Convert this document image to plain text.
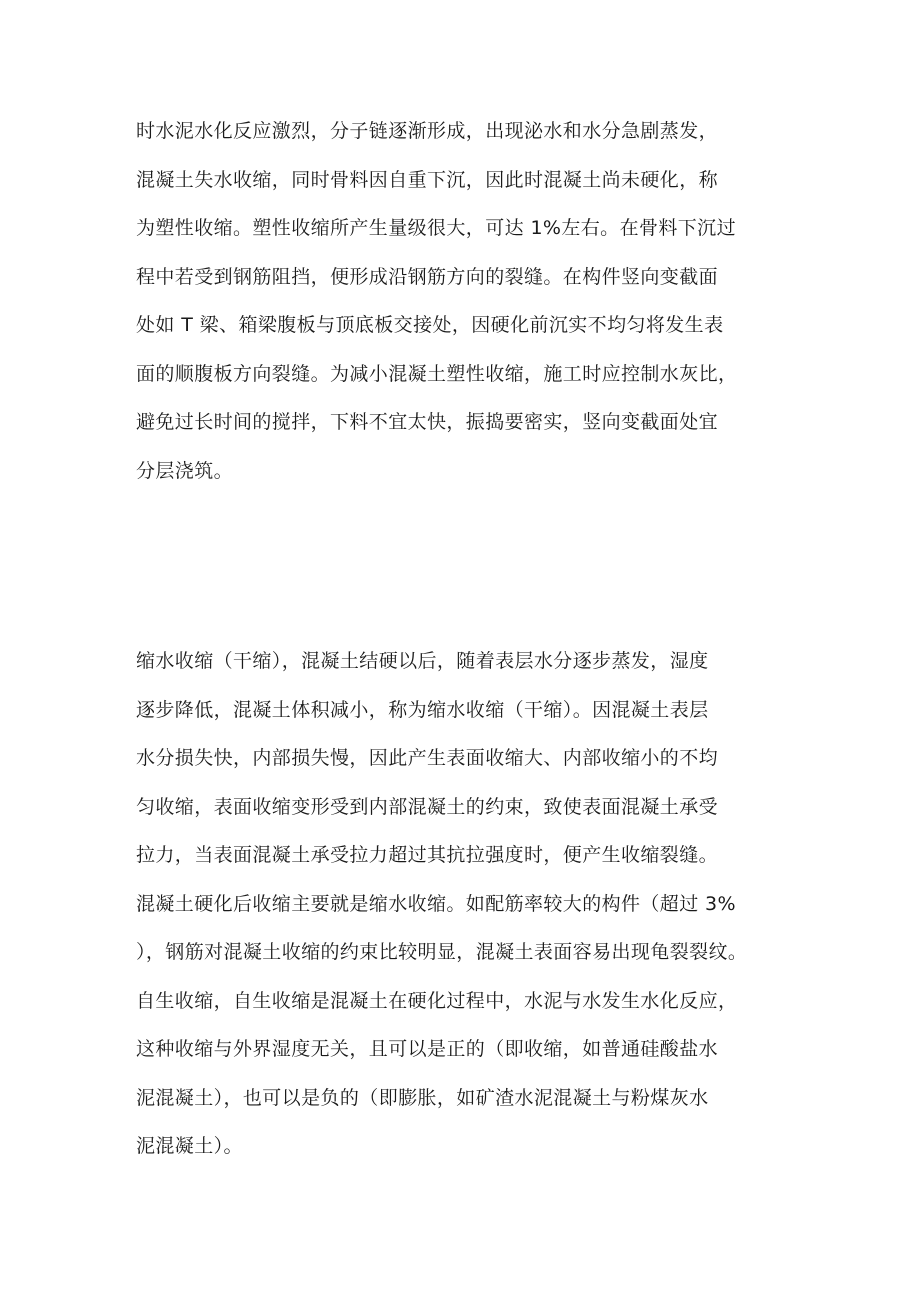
时水泥水化反应激烈，分子链逐渐形成，出现泌水和水分急剧蒸发，
混凝土失水收缩，同时骨料因自重下沉，因此时混凝土尚未硬化，称
为塑性收缩。塑性收缩所产生量级很大，可达 1%左右。在骨料下沉过
程中若受到钢筋阻挡，便形成沿钢筋方向的裂缝。在构件竖向变截面
处如 T 梁、箱梁腹板与顶底板交接处，因硬化前沉实不均匀将发生表
面的顺腹板方向裂缝。为减小混凝土塑性收缩，施工时应控制水灰比，
避免过长时间的搅拌，下料不宜太快，振捣要密实，竖向变截面处宜
分层浇筑。

缩水收缩（干缩），混凝土结硬以后，随着表层水分逐步蒸发，湿度
逐步降低，混凝土体积减小，称为缩水收缩（干缩）。因混凝土表层
水分损失快，内部损失慢，因此产生表面收缩大、内部收缩小的不均
匀收缩，表面收缩变形受到内部混凝土的约束，致使表面混凝土承受
拉力，当表面混凝土承受拉力超过其抗拉强度时，便产生收缩裂缝。
混凝土硬化后收缩主要就是缩水收缩。如配筋率较大的构件（超过 3%
），钢筋对混凝土收缩的约束比较明显，混凝土表面容易出现龟裂裂纹。
自生收缩，自生收缩是混凝土在硬化过程中，水泥与水发生水化反应，
这种收缩与外界湿度无关，且可以是正的（即收缩，如普通硅酸盐水
泥混凝土），也可以是负的（即膨胀，如矿渣水泥混凝土与粉煤灰水
泥混凝土）。
